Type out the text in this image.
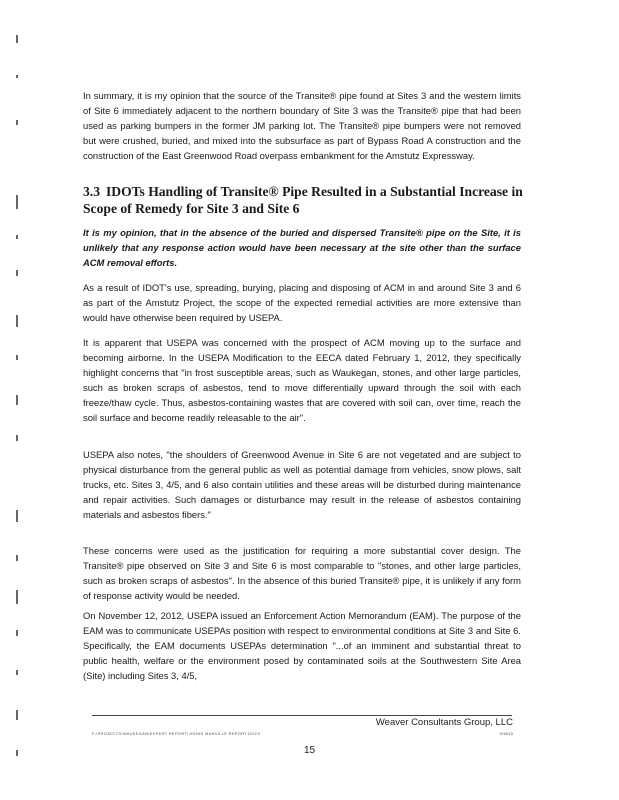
In summary, it is my opinion that the source of the Transite® pipe found at Sites 3 and the western limits of Site 6 immediately adjacent to the northern boundary of Site 3 was the Transite® pipe that had been used as parking bumpers in the former JM parking lot. The Transite® pipe bumpers were not removed but were crushed, buried, and mixed into the subsurface as part of Bypass Road A construction and the construction of the East Greenwood Road overpass embankment for the Amstutz Expressway.

3.3 IDOTs Handling of Transite® Pipe Resulted in a Substantial Increase in Scope of Remedy for Site 3 and Site 6

It is my opinion, that in the absence of the buried and dispersed Transite® pipe on the Site, it is unlikely that any response action would have been necessary at the site other than the surface ACM removal efforts.

As a result of IDOT's use, spreading, burying, placing and disposing of ACM in and around Site 3 and 6 as part of the Amstutz Project, the scope of the expected remedial activities are more extensive than would have otherwise been required by USEPA.

It is apparent that USEPA was concerned with the prospect of ACM moving up to the surface and becoming airborne. In the USEPA Modification to the EECA dated February 1, 2012, they specifically highlight concerns that "in frost susceptible areas, such as Waukegan, stones, and other large particles, such as broken scraps of asbestos, tend to move differentially upward through the soil with each freeze/thaw cycle. Thus, asbestos-containing wastes that are covered with soil can, over time, reach the soil surface and become readily releasable to the air".

USEPA also notes, "the shoulders of Greenwood Avenue in Site 6 are not vegetated and are subject to physical disturbance from the general public as well as potential damage from vehicles, snow plows, salt trucks, etc. Sites 3, 4/5, and 6 also contain utilities and these areas will be disturbed during maintenance and repair activities. Such damages or disturbance may result in the release of asbestos containing materials and asbestos fibers."

These concerns were used as the justification for requiring a more substantial cover design. The Transite® pipe observed on Site 3 and Site 6 is most comparable to "stones, and other large particles, such as broken scraps of asbestos". In the absence of this buried Transite® pipe, it is unlikely if any form of response activity would be needed.

On November 12, 2012, USEPA issued an Enforcement Action Memorandum (EAM). The purpose of the EAM was to communicate USEPAs position with respect to environmental conditions at Site 3 and Site 6. Specifically, the EAM documents USEPAs determination "...of an imminent and substantial threat to public health, welfare or the environment posed by contaminated soils at the Southwestern Site Area (Site) including Sites 3, 4/5,

Weaver Consultants Group, LLC
F:\PROJECTS\WAUKEGAN\EXPERT REPORT\JOHNS MANVILLE REPORT.DOCX	9/18/15
15
